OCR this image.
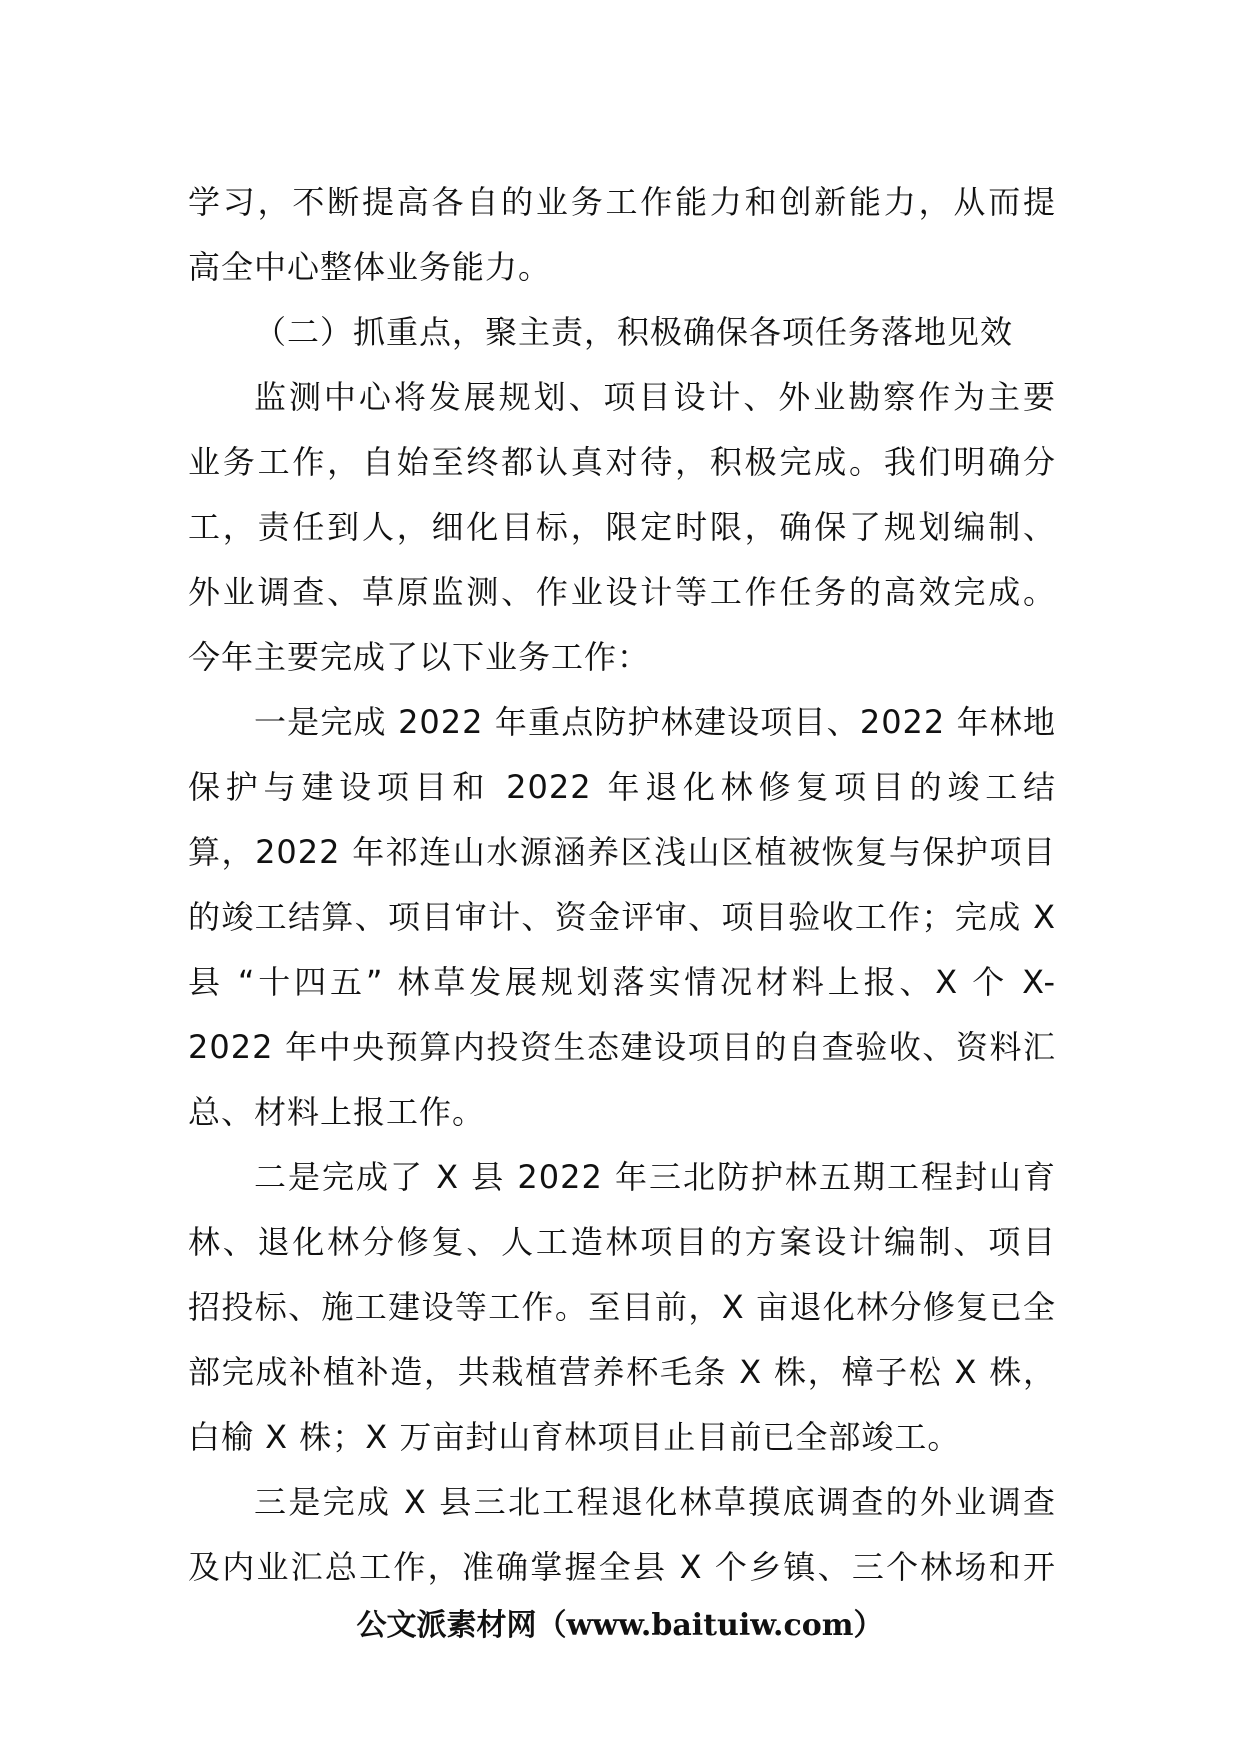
学习，不断提高各自的业务工作能力和创新能力，从而提
高全中心整体业务能力。
（二）抓重点，聚主责，积极确保各项任务落地见效
监测中心将发展规划、项目设计、外业勘察作为主要
业务工作，自始至终都认真对待，积极完成。我们明确分
工，责任到人，细化目标，限定时限，确保了规划编制、
外业调查、草原监测、作业设计等工作任务的高效完成。
今年主要完成了以下业务工作：
一是完成 2022 年重点防护林建设项目、2022 年林地
保护与建设项目和 2022 年退化林修复项目的竣工结
算，2022 年祁连山水源涵养区浅山区植被恢复与保护项目
的竣工结算、项目审计、资金评审、项目验收工作；完成 X
县 “十四五” 林草发展规划落实情况材料上报、X 个 X-
2022 年中央预算内投资生态建设项目的自查验收、资料汇
总、材料上报工作。
二是完成了 X 县 2022 年三北防护林五期工程封山育
林、退化林分修复、人工造林项目的方案设计编制、项目
招投标、施工建设等工作。至目前，X 亩退化林分修复已全
部完成补植补造，共栽植营养杯毛条 X 株，樟子松 X 株，
白榆 X 株；X 万亩封山育林项目止目前已全部竣工。
三是完成 X 县三北工程退化林草摸底调查的外业调查
及内业汇总工作，准确掌握全县 X 个乡镇、三个林场和开
公文派素材网（www.baituiw.com）
